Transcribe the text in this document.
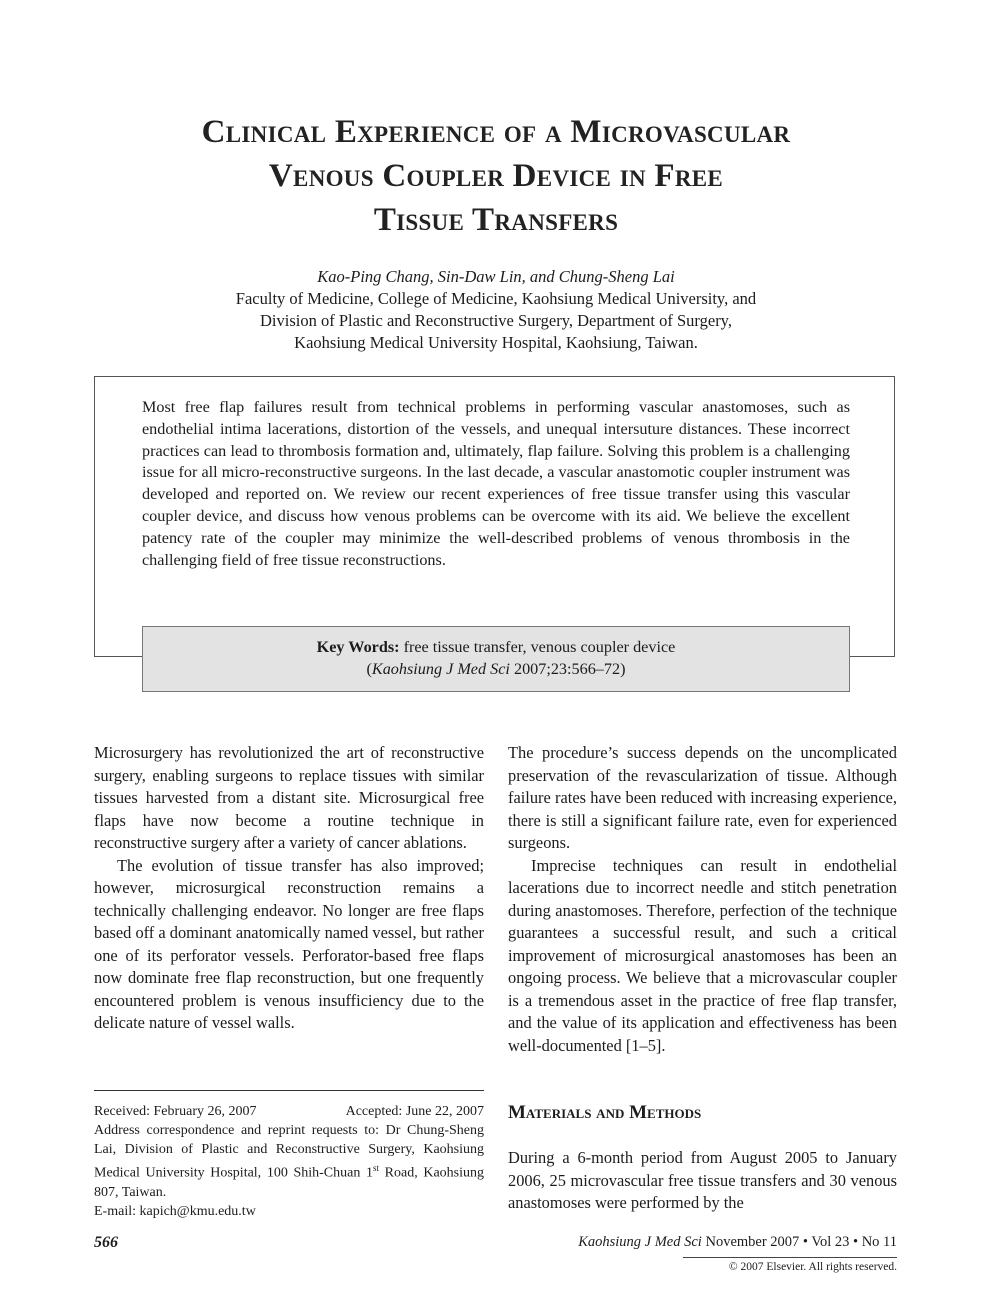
Clinical Experience of a Microvascular
Venous Coupler Device in Free
Tissue Transfers
Kao-Ping Chang, Sin-Daw Lin, and Chung-Sheng Lai
Faculty of Medicine, College of Medicine, Kaohsiung Medical University, and
Division of Plastic and Reconstructive Surgery, Department of Surgery,
Kaohsiung Medical University Hospital, Kaohsiung, Taiwan.
Most free flap failures result from technical problems in performing vascular anastomoses, such as endothelial intima lacerations, distortion of the vessels, and unequal intersuture distances. These incorrect practices can lead to thrombosis formation and, ultimately, flap failure. Solving this problem is a challenging issue for all micro-reconstructive surgeons. In the last decade, a vascular anastomotic coupler instrument was developed and reported on. We review our recent experiences of free tissue transfer using this vascular coupler device, and discuss how venous problems can be overcome with its aid. We believe the excellent patency rate of the coupler may minimize the well-described problems of venous thrombosis in the challenging field of free tissue reconstructions.
Key Words: free tissue transfer, venous coupler device
(Kaohsiung J Med Sci 2007;23:566–72)

Microsurgery has revolutionized the art of reconstructive surgery, enabling surgeons to replace tissues with similar tissues harvested from a distant site. Microsurgical free flaps have now become a routine technique in reconstructive surgery after a variety of cancer ablations.

The evolution of tissue transfer has also improved; however, microsurgical reconstruction remains a technically challenging endeavor. No longer are free flaps based off a dominant anatomically named vessel, but rather one of its perforator vessels. Perforator-based free flaps now dominate free flap reconstruction, but one frequently encountered problem is venous insufficiency due to the delicate nature of vessel walls.

The procedure’s success depends on the uncomplicated preservation of the revascularization of tissue. Although failure rates have been reduced with increasing experience, there is still a significant failure rate, even for experienced surgeons.

Imprecise techniques can result in endothelial lacerations due to incorrect needle and stitch penetration during anastomoses. Therefore, perfection of the technique guarantees a successful result, and such a critical improvement of microsurgical anastomoses has been an ongoing process. We believe that a microvascular coupler is a tremendous asset in the practice of free flap transfer, and the value of its application and effectiveness has been well-documented [1–5].

Received: February 26, 2007	Accepted: June 22, 2007
Address correspondence and reprint requests to: Dr Chung-Sheng Lai, Division of Plastic and Reconstructive Surgery, Kaohsiung Medical University Hospital, 100 Shih-Chuan 1st Road, Kaohsiung 807, Taiwan.
E-mail: kapich@kmu.edu.tw
Materials and Methods

During a 6-month period from August 2005 to January 2006, 25 microvascular free tissue transfers and 30 venous anastomoses were performed by the

566	Kaohsiung J Med Sci November 2007 • Vol 23 • No 11
© 2007 Elsevier. All rights reserved.
